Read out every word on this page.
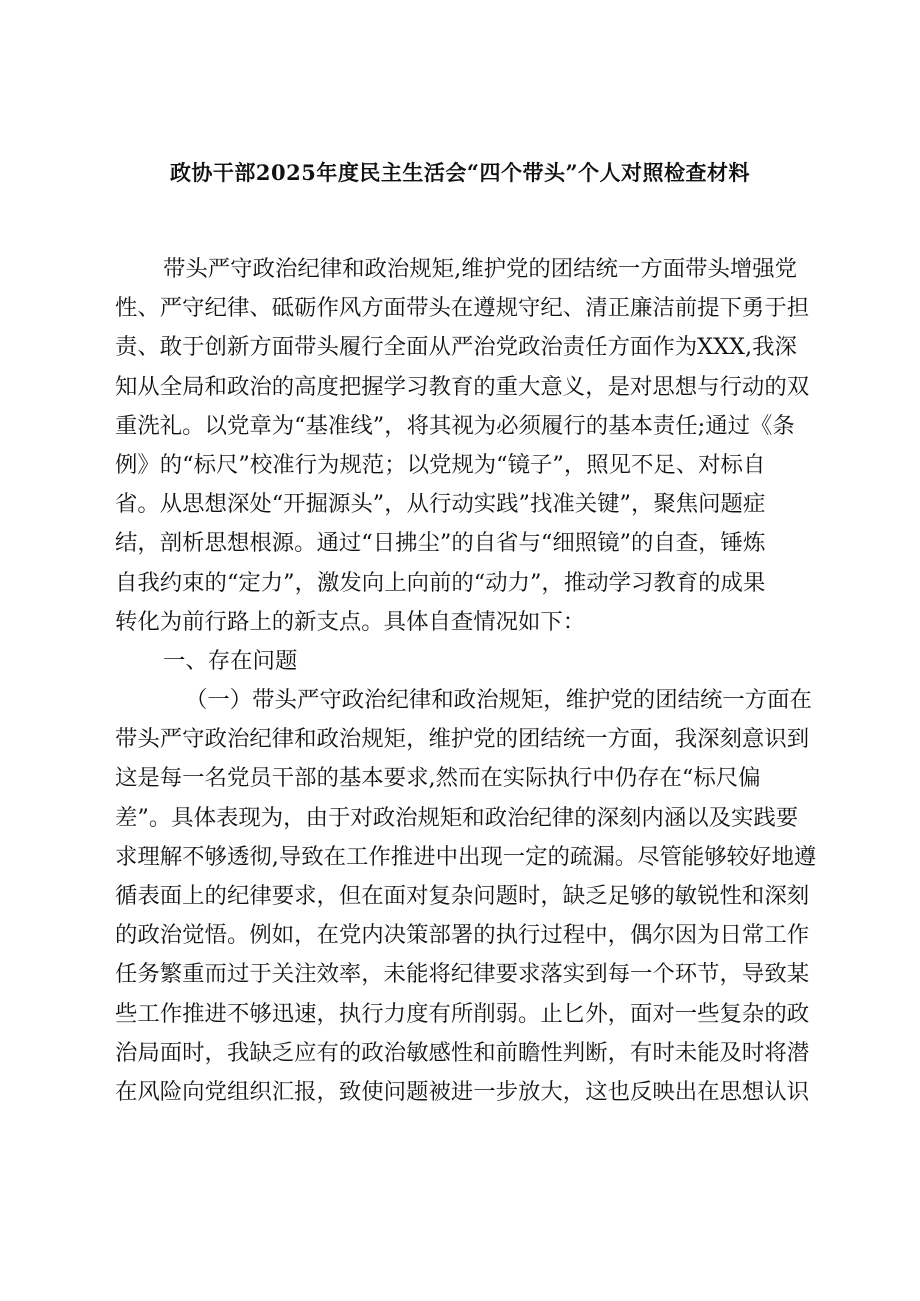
政协干部2025年度民主生活会“四个带头”个人对照检查材料
带头严守政治纪律和政治规矩,维护党的团结统一方面带头增强党
性、严守纪律、砥砺作风方面带头在遵规守纪、清正廉洁前提下勇于担
责、敢于创新方面带头履行全面从严治党政治责任方面作为XXX,我深
知从全局和政治的高度把握学习教育的重大意义，是对思想与行动的双
重洗礼。以党章为“基准线”，将其视为必须履行的基本责任;通过《条
例》的“标尺”校准行为规范；以党规为“镜子”，照见不足、对标自
省。从思想深处“开掘源头”，从行动实践”找准关键”，聚焦问题症
结，剖析思想根源。通过“日拂尘”的自省与“细照镜”的自查，锤炼
自我约束的“定力”，激发向上向前的“动力”，推动学习教育的成果
转化为前行路上的新支点。具体自查情况如下：
一、存在问题
（一）带头严守政治纪律和政治规矩，维护党的团结统一方面在
带头严守政治纪律和政治规矩，维护党的团结统一方面，我深刻意识到
这是每一名党员干部的基本要求,然而在实际执行中仍存在“标尺偏
差”。具体表现为，由于对政治规矩和政治纪律的深刻内涵以及实践要
求理解不够透彻,导致在工作推进中出现一定的疏漏。尽管能够较好地遵
循表面上的纪律要求，但在面对复杂问题时，缺乏足够的敏锐性和深刻
的政治觉悟。例如，在党内决策部署的执行过程中，偶尔因为日常工作
任务繁重而过于关注效率，未能将纪律要求落实到每一个环节，导致某
些工作推进不够迅速，执行力度有所削弱。止匕外，面对一些复杂的政
治局面时，我缺乏应有的政治敏感性和前瞻性判断，有时未能及时将潜
在风险向党组织汇报，致使问题被进一步放大，这也反映出在思想认识
